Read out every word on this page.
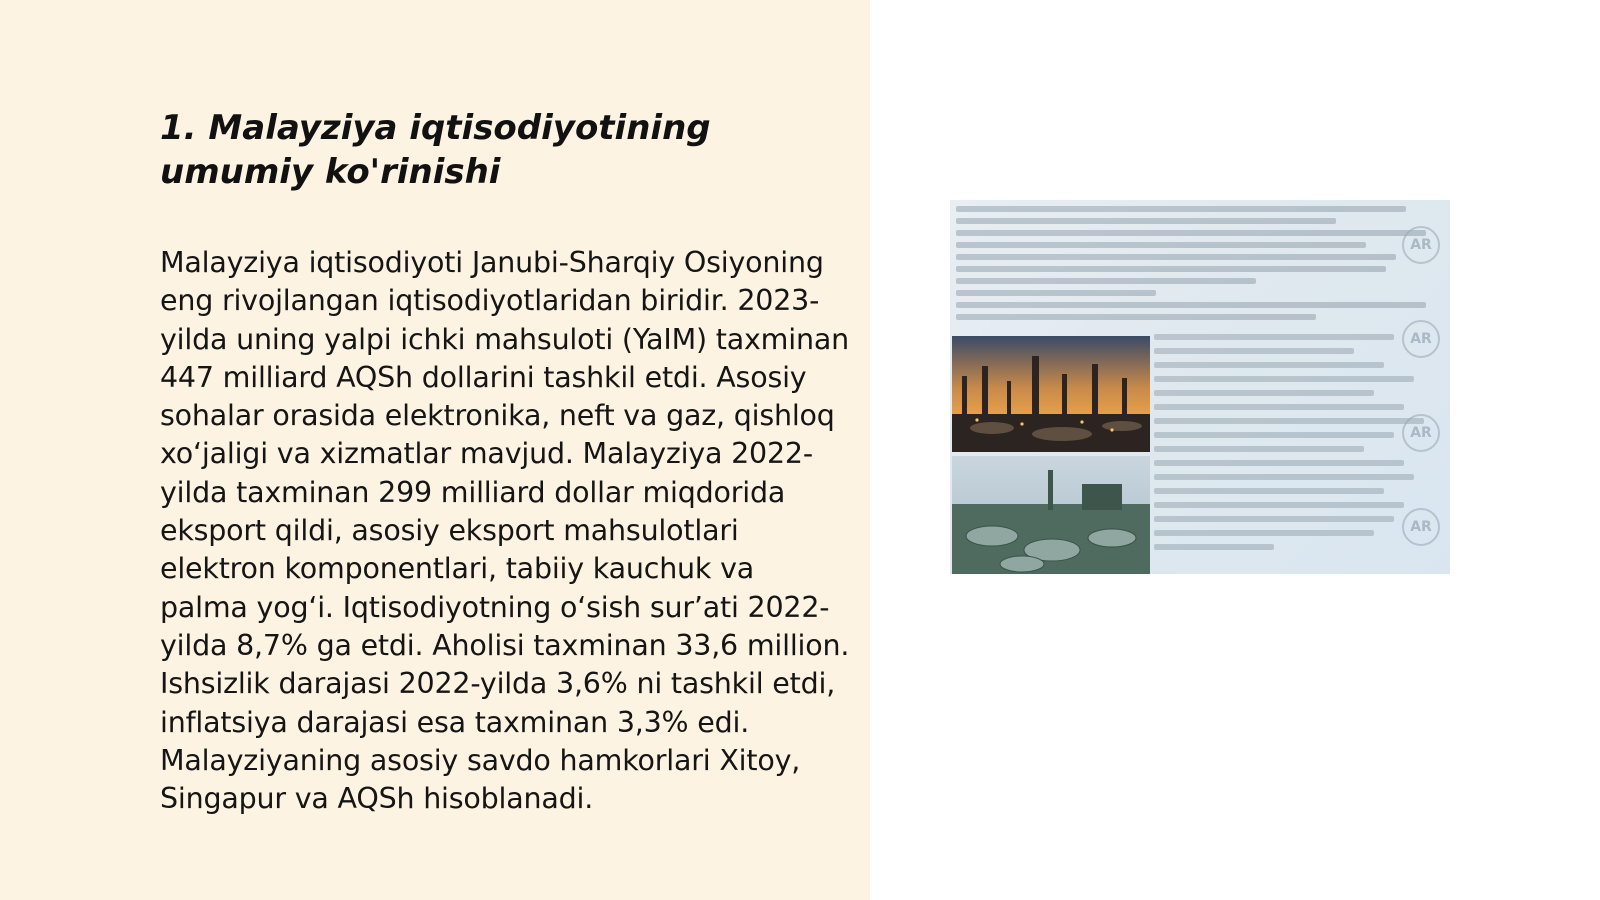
1. Malayziya iqtisodiyotining umumiy ko'rinishi

Malayziya iqtisodiyoti Janubi-Sharqiy Osiyoning eng rivojlangan iqtisodiyotlaridan biridir. 2023-yilda uning yalpi ichki mahsuloti (YaIM) taxminan 447 milliard AQSh dollarini tashkil etdi. Asosiy sohalar orasida elektronika, neft va gaz, qishloq xo‘jaligi va xizmatlar mavjud. Malayziya 2022-yilda taxminan 299 milliard dollar miqdorida eksport qildi, asosiy eksport mahsulotlari elektron komponentlari, tabiiy kauchuk va palma yog‘i. Iqtisodiyotning o‘sish sur’ati 2022-yilda 8,7% ga etdi. Aholisi taxminan 33,6 million. Ishsizlik darajasi 2022-yilda 3,6% ni tashkil etdi, inflatsiya darajasi esa taxminan 3,3% edi. Malayziyaning asosiy savdo hamkorlari Xitoy, Singapur va AQSh hisoblanadi.

AR
AR
AR
AR
